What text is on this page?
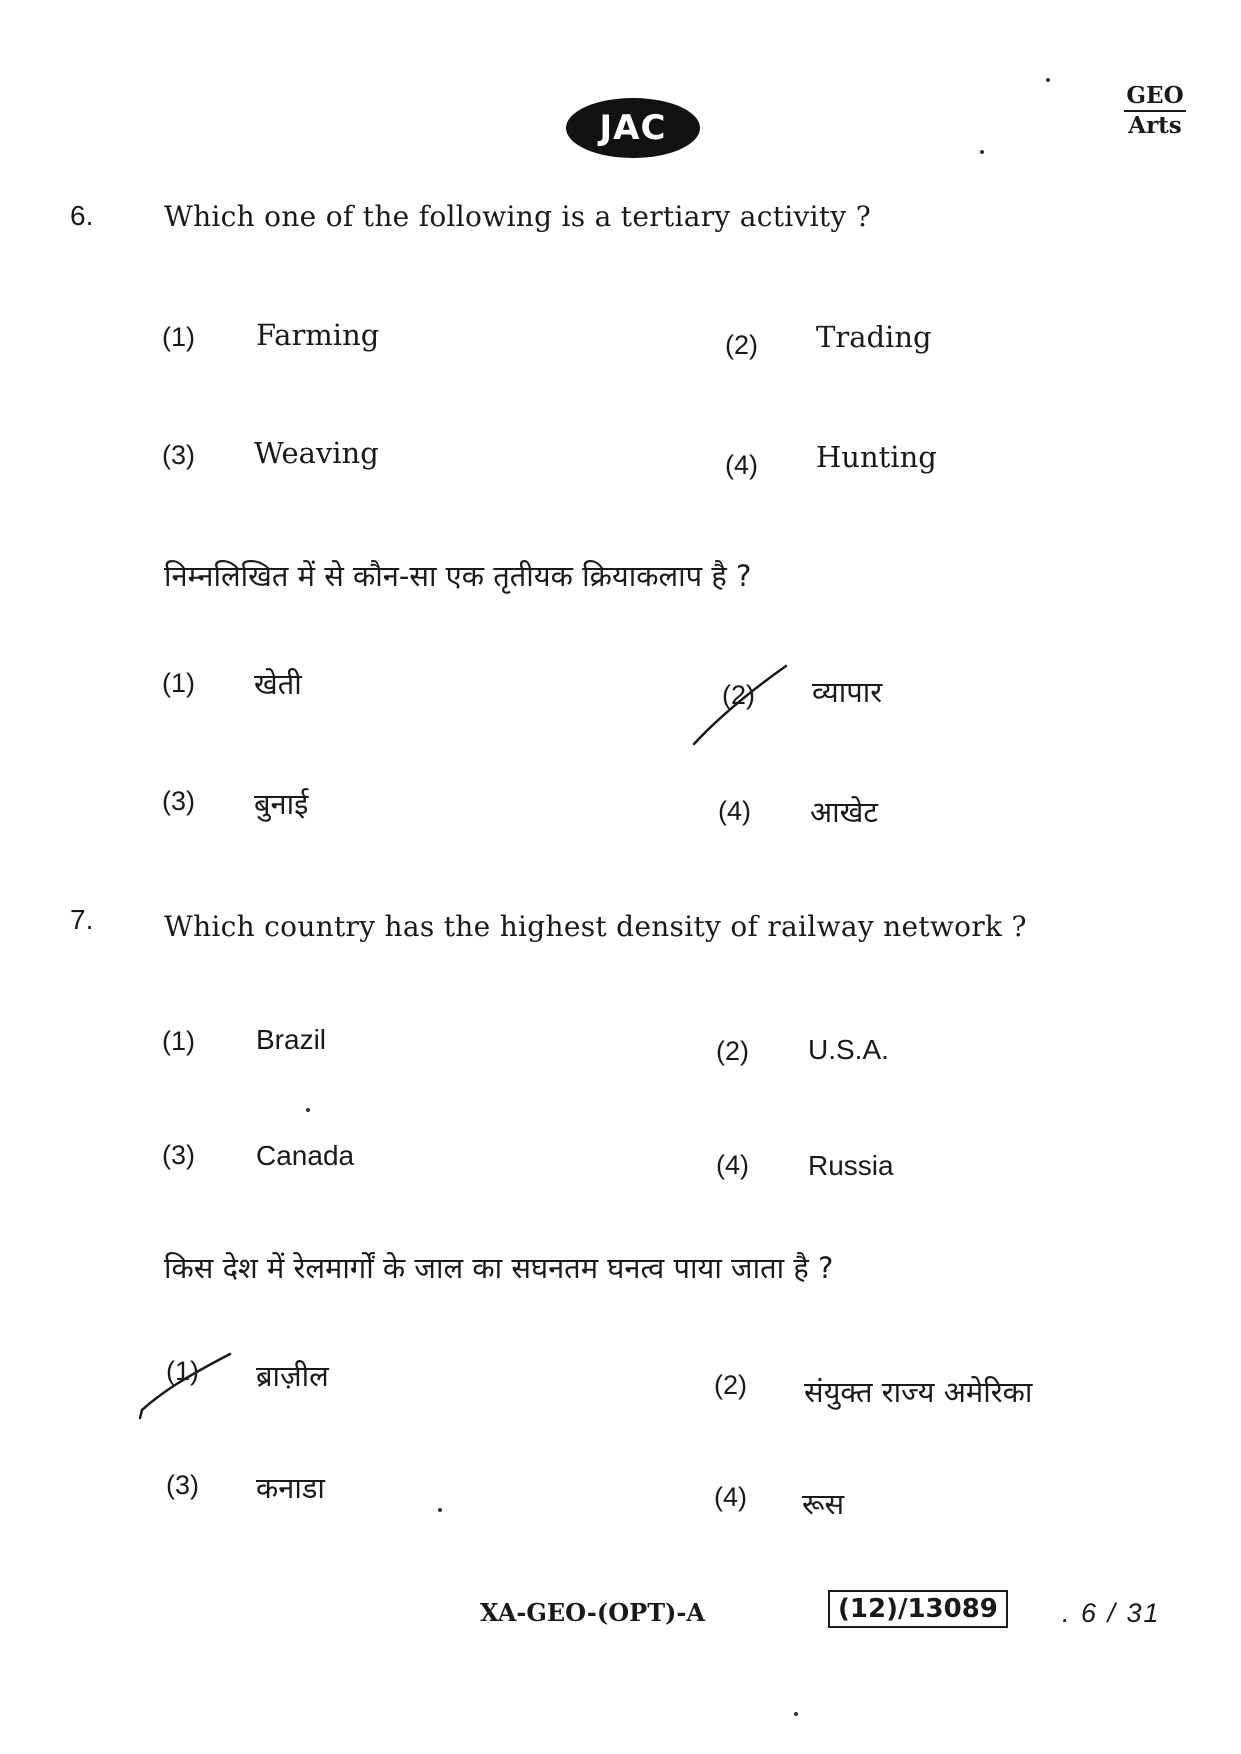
JAC
GEO
Arts
6.	Which one of the following is a tertiary activity ?
(1) Farming	(2) Trading
(3) Weaving	(4) Hunting
निम्नलिखित में से कौन-सा एक तृतीयक क्रियाकलाप है ?
(1) खेती	(2) व्यापार
(3) बुनाई	(4) आखेट
7.	Which country has the highest density of railway network ?
(1) Brazil	(2) U.S.A.
(3) Canada	(4) Russia
किस देश में रेलमार्गों के जाल का सघनतम घनत्व पाया जाता है ?
(1) ब्राज़ील	(2) संयुक्त राज्य अमेरिका
(3) कनाडा	(4) रूस
XA-GEO-(OPT)-A	(12)/13089	. 6 / 31
